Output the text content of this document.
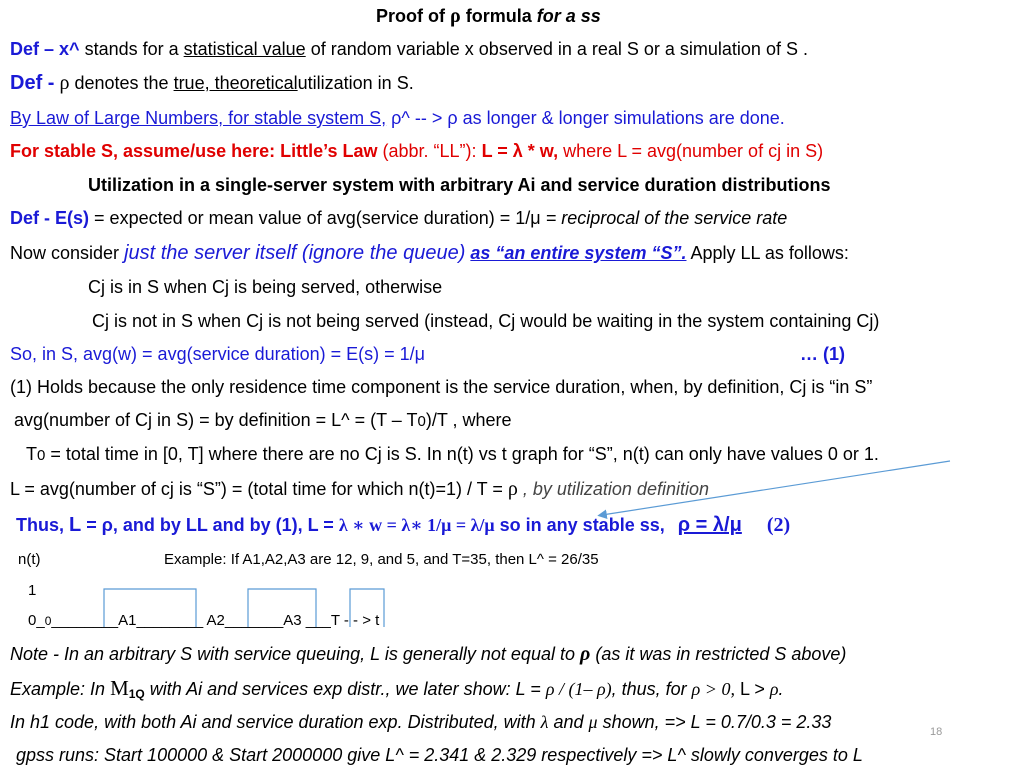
Proof of ρ formula for a ss
Def – x^ stands for a statistical value of random variable x observed in a real S or a simulation of S .
Def - ρ denotes the true, theoreticalutilization in S.
By Law of Large Numbers, for stable system S, ρ^ -- > ρ as longer & longer simulations are done.
For stable S, assume/use here: Little’s Law (abbr. “LL”): L = λ * w, where L = avg(number of cj in S)
Utilization in a single-server system with arbitrary Ai and service duration distributions
Def - E(s) = expected or mean value of avg(service duration) = 1/μ = reciprocal of the service rate
Now consider just the server itself (ignore the queue) as “an entire system “S”. Apply LL as follows:
Cj is in S when Cj is being served, otherwise
Cj is not in S when Cj is not being served (instead, Cj would be waiting in the system containing Cj)
So, in S, avg(w) = avg(service duration) = E(s) = 1/μ	… (1)
(1) Holds because the only residence time component is the service duration, when, by definition, Cj is “in S”
avg(number of Cj in S) = by definition = L^ = (T – T0)/T , where
T0 = total time in [0, T] where there are no Cj is S. In n(t) vs t graph for “S”, n(t) can only have values 0 or 1.
L = avg(number of cj is “S”) = (total time for which n(t)=1) / T = ρ , by utilization definition
Thus, L = ρ, and by LL and by (1), L = λ ∗ w = λ∗ 1/μ = λ/μ so in any stable ss, ρ = λ/μ (2)
n(t)	Example: If A1,A2,A3 are 12, 9, and 5, and T=35, then L^ = 26/35
1
0_0________A1________ A2_______A3 ___T - - > t
Note - In an arbitrary S with service queuing, L is generally not equal to ρ (as it was in restricted S above)
Example: In $M_{1Q}$ with Ai and services exp distr., we later show: L = ρ / (1– ρ), thus, for ρ > 0, L > ρ.
In h1 code, with both Ai and service duration exp. Distributed, with λ and μ shown, => L = 0.7/0.3 = 2.33
gpss runs: Start 100000 & Start 2000000 give L^ = 2.341 & 2.329 respectively => L^ slowly converges to L
18
